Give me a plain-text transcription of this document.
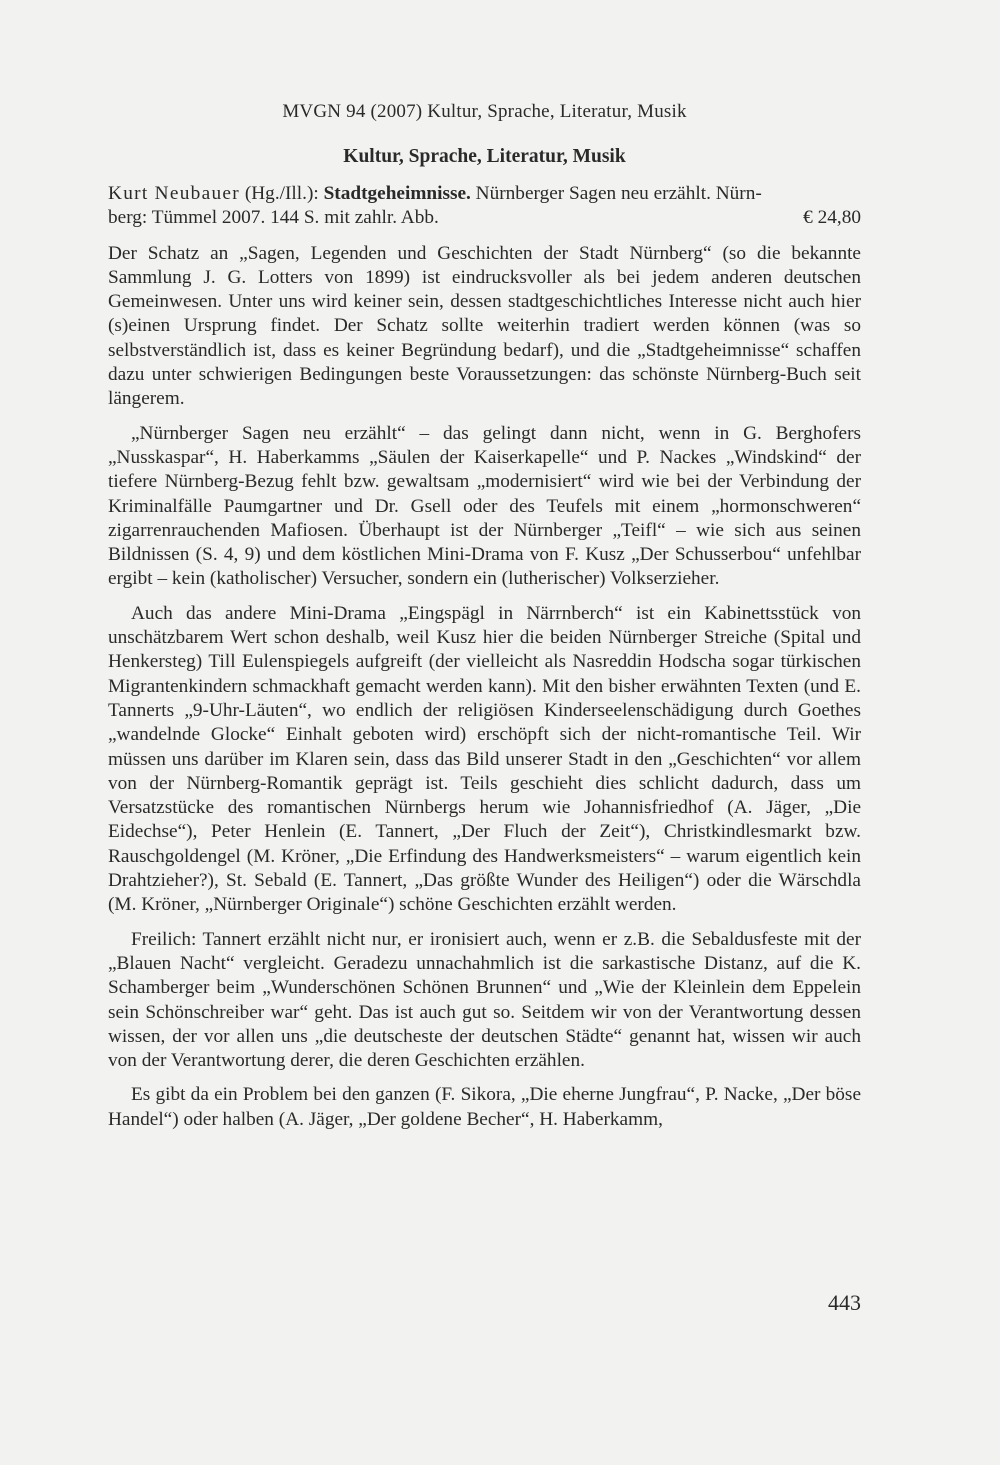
MVGN 94 (2007) Kultur, Sprache, Literatur, Musik
Kultur, Sprache, Literatur, Musik

Kurt Neubauer (Hg./Ill.): Stadtgeheimnisse. Nürnberger Sagen neu erzählt. Nürn-

berg: Tümmel 2007. 144 S. mit zahlr. Abb.	€ 24,80

Der Schatz an „Sagen, Legenden und Geschichten der Stadt Nürnberg“ (so die bekannte Sammlung J. G. Lotters von 1899) ist eindrucksvoller als bei jedem anderen deutschen Gemeinwesen. Unter uns wird keiner sein, dessen stadtgeschichtliches Interesse nicht auch hier (s)einen Ursprung findet. Der Schatz sollte weiterhin tradiert werden können (was so selbstverständlich ist, dass es keiner Begründung bedarf), und die „Stadtgeheimnisse“ schaffen dazu unter schwierigen Bedingungen beste Voraussetzungen: das schönste Nürnberg-Buch seit längerem.

„Nürnberger Sagen neu erzählt“ – das gelingt dann nicht, wenn in G. Berghofers „Nusskaspar“, H. Haberkamms „Säulen der Kaiserkapelle“ und P. Nackes „Windskind“ der tiefere Nürnberg-Bezug fehlt bzw. gewaltsam „modernisiert“ wird wie bei der Verbindung der Kriminalfälle Paumgartner und Dr. Gsell oder des Teufels mit einem „hormonschweren“ zigarrenrauchenden Mafiosen. Überhaupt ist der Nürnberger „Teifl“ – wie sich aus seinen Bildnissen (S. 4, 9) und dem köstlichen Mini-Drama von F. Kusz „Der Schusserbou“ unfehlbar ergibt – kein (katholischer) Versucher, sondern ein (lutherischer) Volkserzieher.

Auch das andere Mini-Drama „Eingspägl in Närrnberch“ ist ein Kabinettsstück von unschätzbarem Wert schon deshalb, weil Kusz hier die beiden Nürnberger Streiche (Spital und Henkersteg) Till Eulenspiegels aufgreift (der vielleicht als Nasreddin Hodscha sogar türkischen Migrantenkindern schmackhaft gemacht werden kann). Mit den bisher erwähnten Texten (und E. Tannerts „9-Uhr-Läuten“, wo endlich der religiösen Kinderseelenschädigung durch Goethes „wandelnde Glocke“ Einhalt geboten wird) erschöpft sich der nicht-romantische Teil. Wir müssen uns darüber im Klaren sein, dass das Bild unserer Stadt in den „Geschichten“ vor allem von der Nürnberg-Romantik geprägt ist. Teils geschieht dies schlicht dadurch, dass um Versatzstücke des romantischen Nürnbergs herum wie Johannisfriedhof (A. Jäger, „Die Eidechse“), Peter Henlein (E. Tannert, „Der Fluch der Zeit“), Christkindlesmarkt bzw. Rauschgoldengel (M. Kröner, „Die Erfindung des Handwerksmeisters“ – warum eigentlich kein Drahtzieher?), St. Sebald (E. Tannert, „Das größte Wunder des Heiligen“) oder die Wärschdla (M. Kröner, „Nürnberger Originale“) schöne Geschichten erzählt werden.

Freilich: Tannert erzählt nicht nur, er ironisiert auch, wenn er z.B. die Sebaldusfeste mit der „Blauen Nacht“ vergleicht. Geradezu unnachahmlich ist die sarkastische Distanz, auf die K. Schamberger beim „Wunderschönen Schönen Brunnen“ und „Wie der Kleinlein dem Eppelein sein Schönschreiber war“ geht. Das ist auch gut so. Seitdem wir von der Verantwortung dessen wissen, der vor allen uns „die deutscheste der deutschen Städte“ genannt hat, wissen wir auch von der Verantwortung derer, die deren Geschichten erzählen.

Es gibt da ein Problem bei den ganzen (F. Sikora, „Die eherne Jungfrau“, P. Nacke, „Der böse Handel“) oder halben (A. Jäger, „Der goldene Becher“, H. Haberkamm,

443
